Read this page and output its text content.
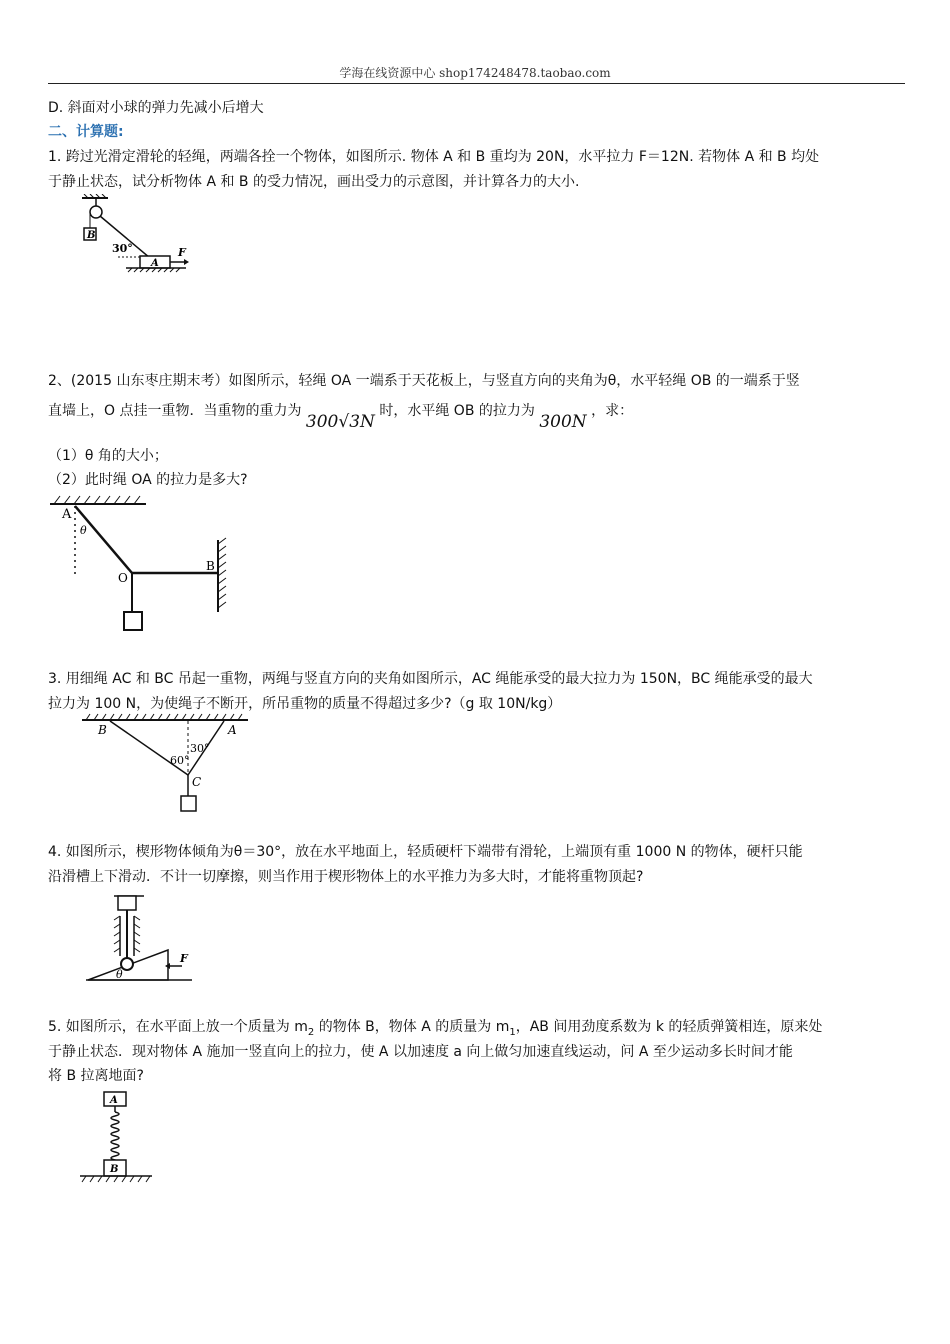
学海在线资源中心 shop174248478.taobao.com
D. 斜面对小球的弹力先减小后增大
二、计算题:
1. 跨过光滑定滑轮的轻绳，两端各拴一个物体，如图所示. 物体 A 和 B 重均为 20N，水平拉力 F＝12N. 若物体 A 和 B 均处
于静止状态，试分析物体 A 和 B 的受力情况，画出受力的示意图，并计算各力的大小.
B
A
F
30°
2、(2015 山东枣庄期末考）如图所示，轻绳 OA 一端系于天花板上，与竖直方向的夹角为θ，水平轻绳 OB 的一端系于竖
直墙上，O 点挂一重物．当重物的重力为 300√3N 时，水平绳 OB 的拉力为 300N ，求：
（1）θ 角的大小；
（2）此时绳 OA 的拉力是多大?
A
θ
O
B
3. 用细绳 AC 和 BC 吊起一重物，两绳与竖直方向的夹角如图所示，AC 绳能承受的最大拉力为 150N，BC 绳能承受的最大
拉力为 100 N，为使绳子不断开，所吊重物的质量不得超过多少?（g 取 10N/kg）
B	A
30°
60°
C
4. 如图所示，楔形物体倾角为θ＝30°，放在水平地面上，轻质硬杆下端带有滑轮，上端顶有重 1000 N 的物体，硬杆只能
沿滑槽上下滑动．不计一切摩擦，则当作用于楔形物体上的水平推力为多大时，才能将重物顶起?
θ
F
5. 如图所示，在水平面上放一个质量为 $m_2$ 的物体 B，物体 A 的质量为 $m_1$，AB 间用劲度系数为 k 的轻质弹簧相连，原来处
于静止状态．现对物体 A 施加一竖直向上的拉力，使 A 以加速度 a 向上做匀加速直线运动，问 A 至少运动多长时间才能
将 B 拉离地面?
A
B
